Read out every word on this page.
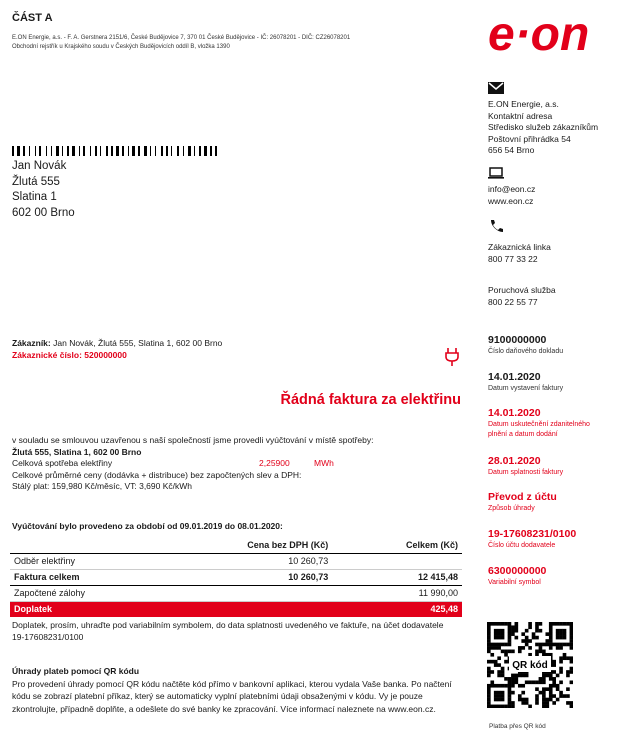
ČÁST A
E.ON Energie, a.s. - F. A. Gerstnera 2151/6, České Budějovice 7, 370 01 České Budějovice - IČ: 26078201 - DIČ: CZ26078201
Obchodní rejstřík u Krajského soudu v Českých Budějovicích oddíl B, vložka 1390	e·on
Jan Novák
Žlutá 555
Slatina 1
602 00 Brno
E.ON Energie, a.s.
Kontaktní adresa
Středisko služeb zákazníkům
Poštovní přihrádka 54
656 54 Brno
info@eon.cz
www.eon.cz
Zákaznická linka
800 77 33 22
Poruchová služba
800 22 55 77
Zákazník: Jan Novák, Žlutá 555, Slatina 1, 602 00 Brno
Zákaznické číslo: 520000000
Řádná faktura za elektřinu
v souladu se smlouvou uzavřenou s naší společností jsme provedli vyúčtování v místě spotřeby:
Žlutá 555, Slatina 1, 602 00 Brno
Celková spotřeba elektřiny	2,25900	MWh
Celkové průměrné ceny (dodávka + distribuce) bez započtených slev a DPH:
Stálý plat: 159,980 Kč/měsíc, VT: 3,690 Kč/kWh
Vyúčtování bylo provedeno za období od 09.01.2019 do 08.01.2020:
	Cena bez DPH (Kč)	Celkem (Kč)
Odběr elektřiny	10 260,73	
Faktura celkem	10 260,73	12 415,48
Započtené zálohy		11 990,00
Doplatek		425,48
Doplatek, prosím, uhraďte pod variabilním symbolem, do data splatnosti uvedeného ve faktuře, na účet dodavatele 19-17608231/0100
Úhrady plateb pomocí QR kódu
Pro provedení úhrady pomocí QR kódu načtěte kód přímo v bankovní aplikaci, kterou vydala Vaše banka. Po načtení kódu se zobrazí platební příkaz, který se automaticky vyplní platebními údaji obsaženými v kódu. Vy je pouze zkontrolujte, případně doplňte, a odešlete do své banky ke zpracování. Více informací naleznete na www.eon.cz.
9100000000
Číslo daňového dokladu
14.01.2020
Datum vystavení faktury
14.01.2020
Datum uskutečnění zdanitelného
plnění a datum dodání
28.01.2020
Datum splatnosti faktury
Převod z účtu
Způsob úhrady
19-17608231/0100
Číslo účtu dodavatele
6300000000
Variabilní symbol
QR kód
Platba přes QR kód
